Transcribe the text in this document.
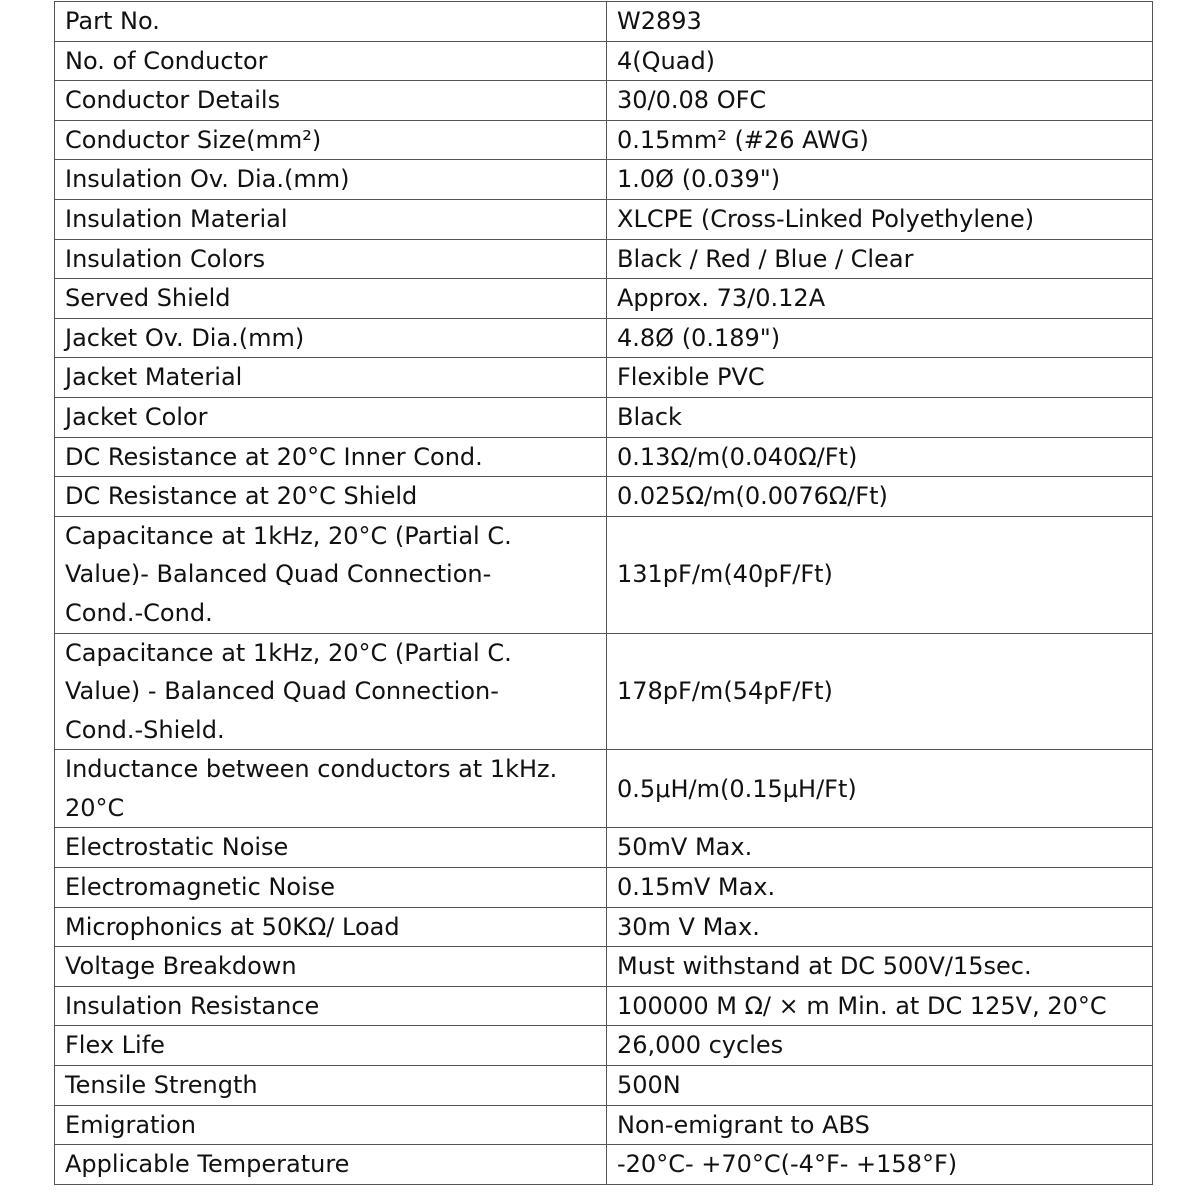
Part No.	W2893
No. of Conductor	4(Quad)
Conductor Details	30/0.08 OFC
Conductor Size(mm²)	0.15mm² (#26 AWG)
Insulation Ov. Dia.(mm)	1.0Ø (0.039")
Insulation Material	XLCPE (Cross-Linked Polyethylene)
Insulation Colors	Black / Red / Blue / Clear
Served Shield	Approx. 73/0.12A
Jacket Ov. Dia.(mm)	4.8Ø (0.189")
Jacket Material	Flexible PVC
Jacket Color	Black
DC Resistance at 20°C Inner Cond.	0.13Ω/m(0.040Ω/Ft)
DC Resistance at 20°C Shield	0.025Ω/m(0.0076Ω/Ft)
Capacitance at 1kHz, 20°C (Partial C.
Value)- Balanced Quad Connection-
Cond.-Cond.	131pF/m(40pF/Ft)
Capacitance at 1kHz, 20°C (Partial C.
Value) - Balanced Quad Connection-
Cond.-Shield.	178pF/m(54pF/Ft)
Inductance between conductors at 1kHz.
20°C	0.5μH/m(0.15μH/Ft)
Electrostatic Noise	50mV Max.
Electromagnetic Noise	0.15mV Max.
Microphonics at 50KΩ/ Load	30m V Max.
Voltage Breakdown	Must withstand at DC 500V/15sec.
Insulation Resistance	100000 M Ω/ × m Min. at DC 125V, 20°C
Flex Life	26,000 cycles
Tensile Strength	500N
Emigration	Non-emigrant to ABS
Applicable Temperature	-20°C- +70°C(-4°F- +158°F)
